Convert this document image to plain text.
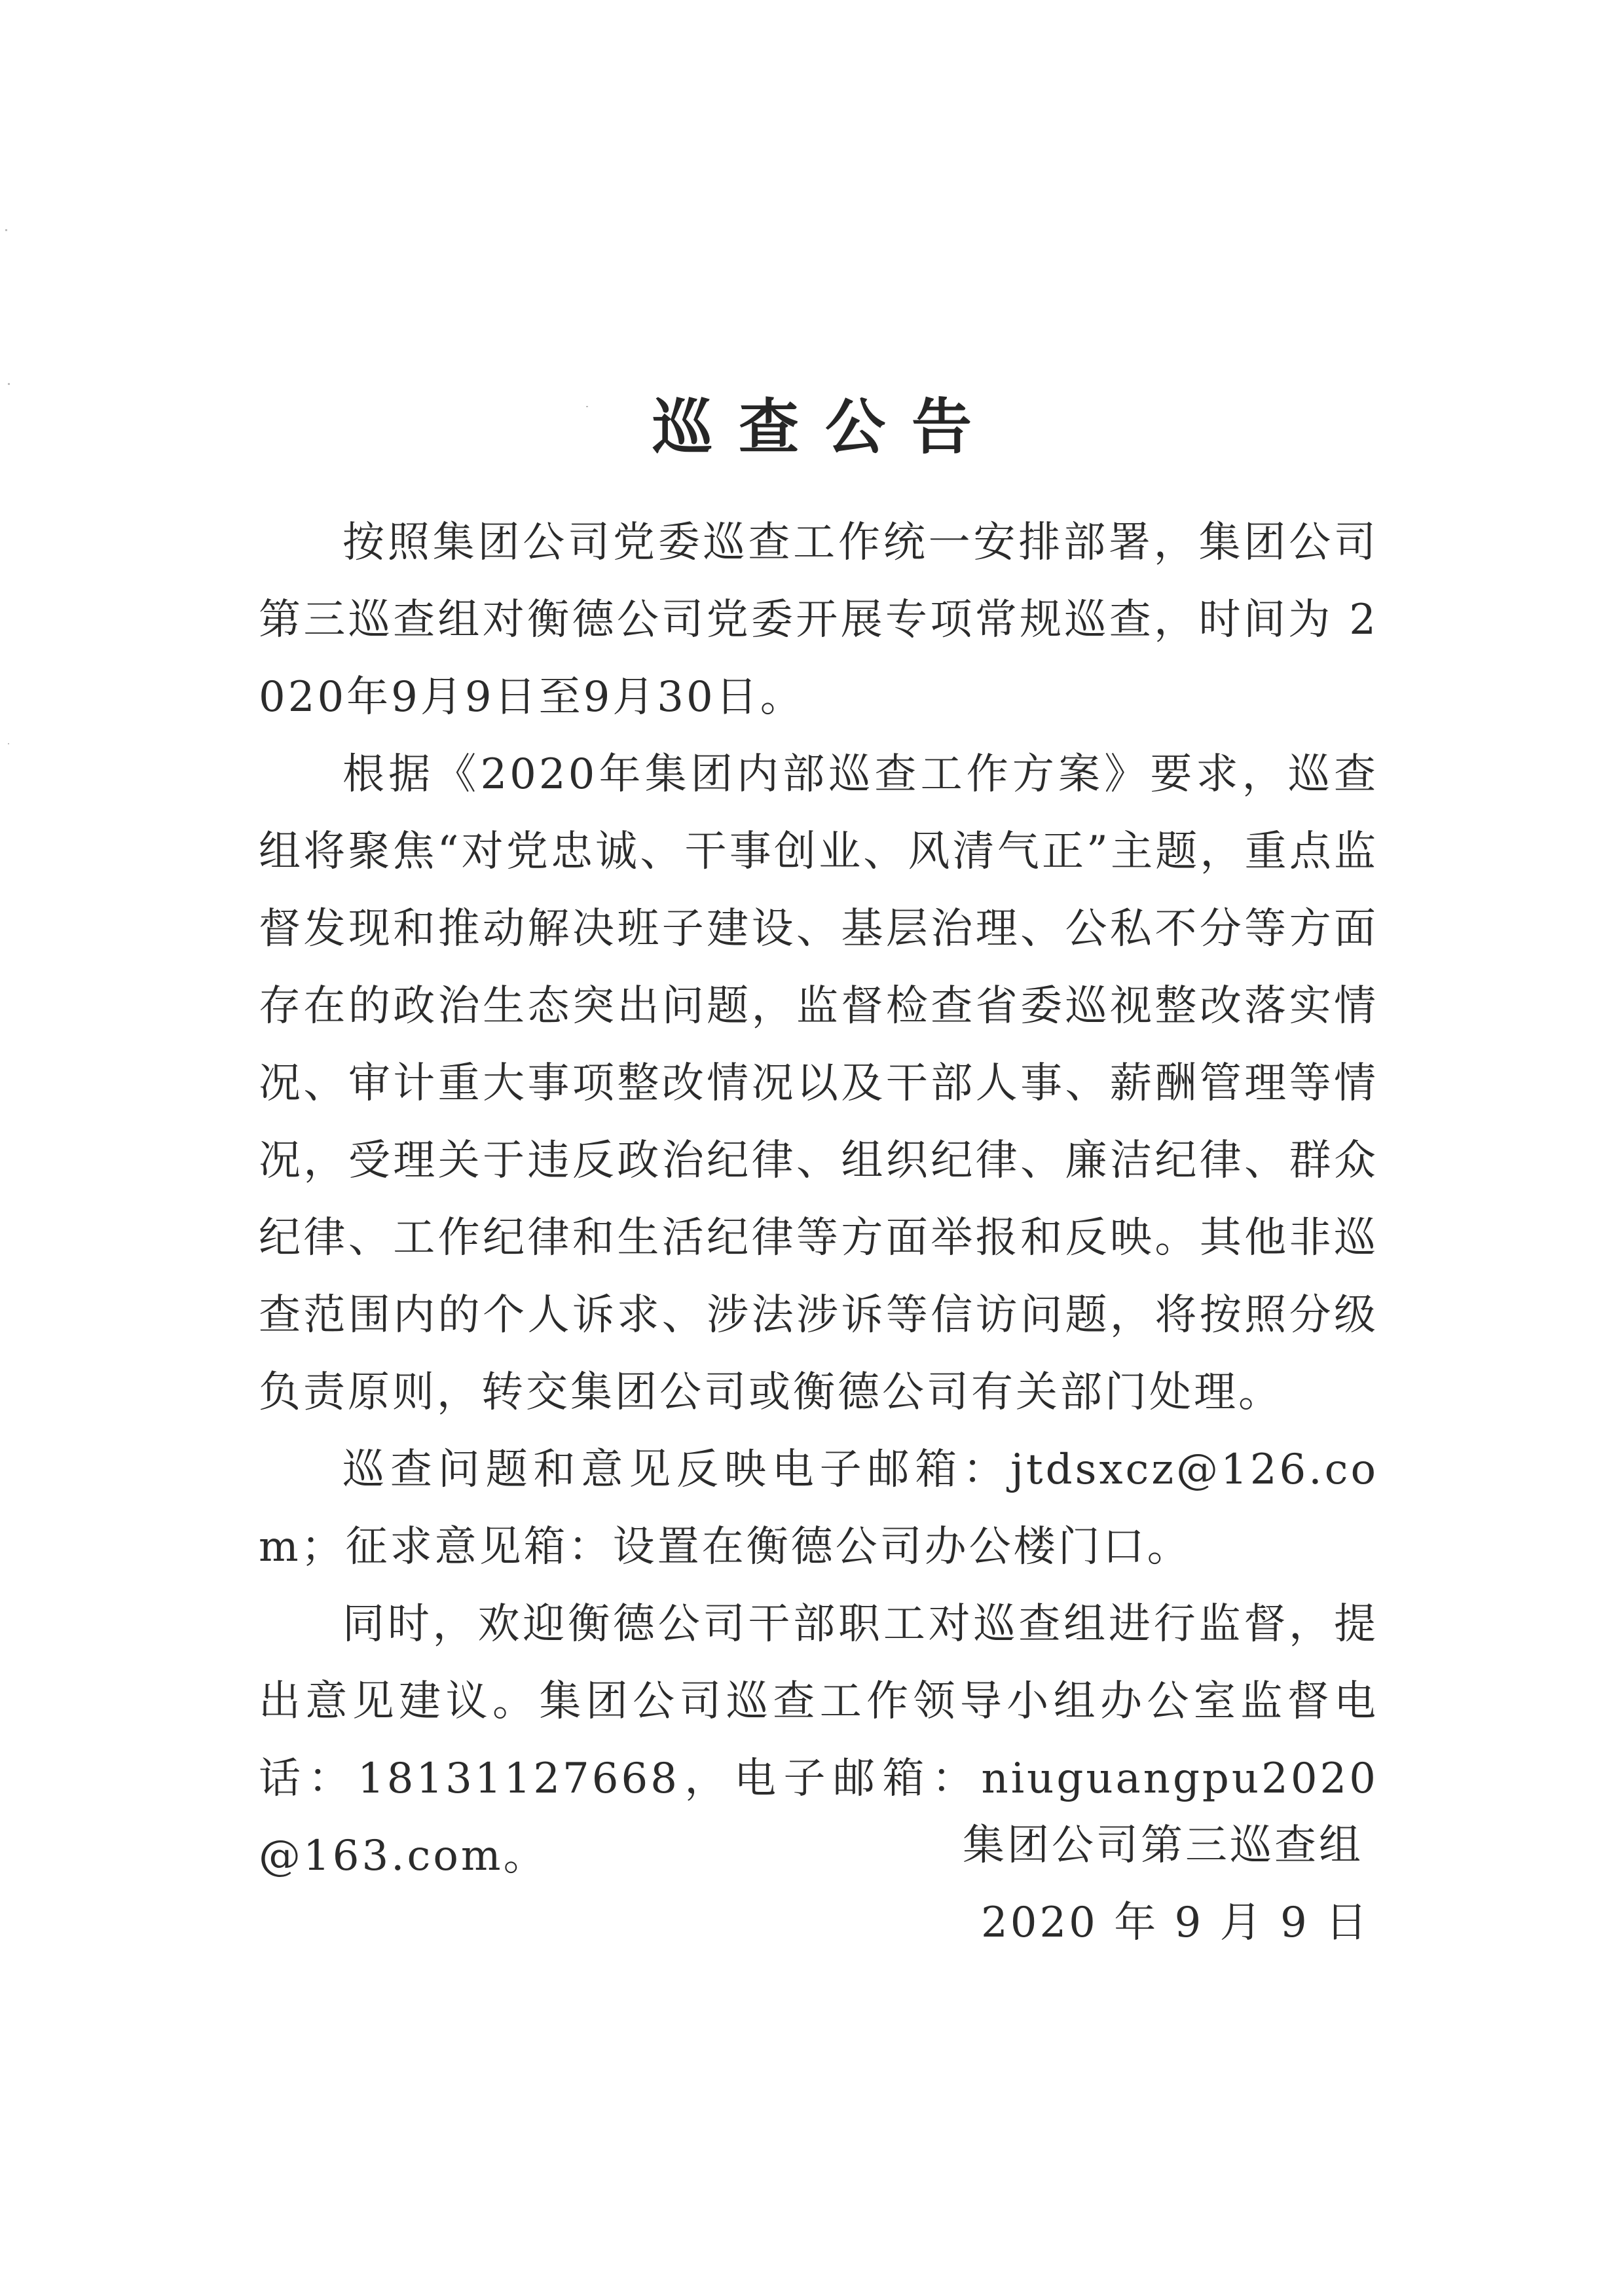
巡查公告

按照集团公司党委巡查工作统一安排部署，集团公司第三巡查组对衡德公司党委开展专项常规巡查，时间为 2020年9月9日至9月30日。

根据《2020年集团内部巡查工作方案》要求，巡查组将聚焦“对党忠诚、干事创业、风清气正”主题，重点监督发现和推动解决班子建设、基层治理、公私不分等方面存在的政治生态突出问题，监督检查省委巡视整改落实情况、审计重大事项整改情况以及干部人事、薪酬管理等情况，受理关于违反政治纪律、组织纪律、廉洁纪律、群众纪律、工作纪律和生活纪律等方面举报和反映。其他非巡查范围内的个人诉求、涉法涉诉等信访问题，将按照分级负责原则，转交集团公司或衡德公司有关部门处理。

巡查问题和意见反映电子邮箱：jtdsxcz@126.com；征求意见箱：设置在衡德公司办公楼门口。

同时，欢迎衡德公司干部职工对巡查组进行监督，提出意见建议。集团公司巡查工作领导小组办公室监督电话：18131127668，电子邮箱：niuguangpu2020@163.com。	集团公司第三巡查组
2020 年 9 月 9 日
